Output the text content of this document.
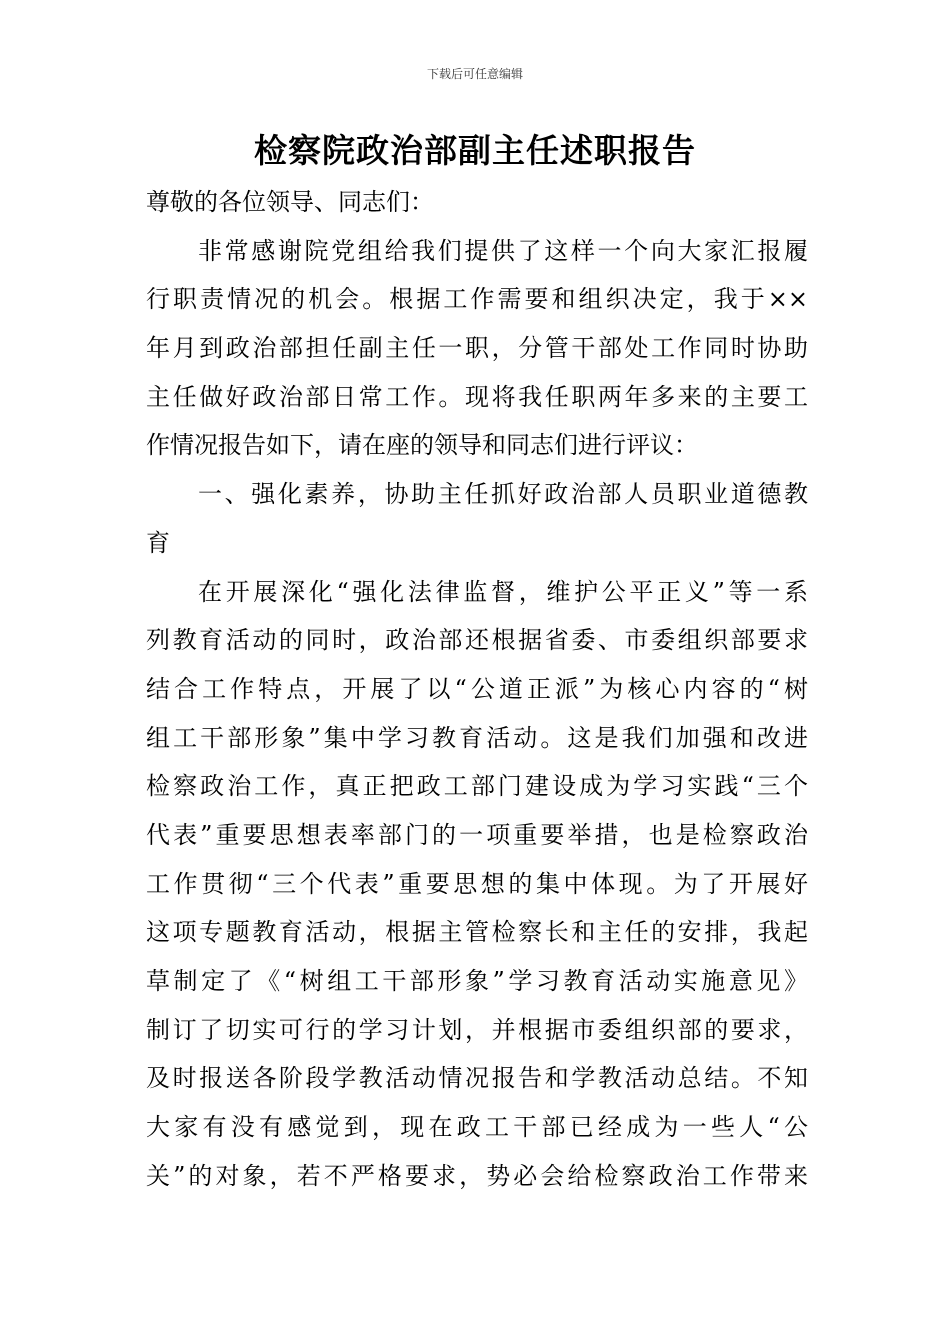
下载后可任意编辑
检察院政治部副主任述职报告
尊敬的各位领导、同志们：
非常感谢院党组给我们提供了这样一个向大家汇报履
行职责情况的机会。根据工作需要和组织决定，我于××
年月到政治部担任副主任一职，分管干部处工作同时协助
主任做好政治部日常工作。现将我任职两年多来的主要工
作情况报告如下，请在座的领导和同志们进行评议：
一、强化素养，协助主任抓好政治部人员职业道德教
育
在开展深化“强化法律监督，维护公平正义”等一系
列教育活动的同时，政治部还根据省委、市委组织部要求
结合工作特点，开展了以“公道正派”为核心内容的“树
组工干部形象”集中学习教育活动。这是我们加强和改进
检察政治工作，真正把政工部门建设成为学习实践“三个
代表”重要思想表率部门的一项重要举措，也是检察政治
工作贯彻“三个代表”重要思想的集中体现。为了开展好
这项专题教育活动，根据主管检察长和主任的安排，我起
草制定了《“树组工干部形象”学习教育活动实施意见》
制订了切实可行的学习计划，并根据市委组织部的要求，
及时报送各阶段学教活动情况报告和学教活动总结。不知
大家有没有感觉到，现在政工干部已经成为一些人“公
关”的对象，若不严格要求，势必会给检察政治工作带来
